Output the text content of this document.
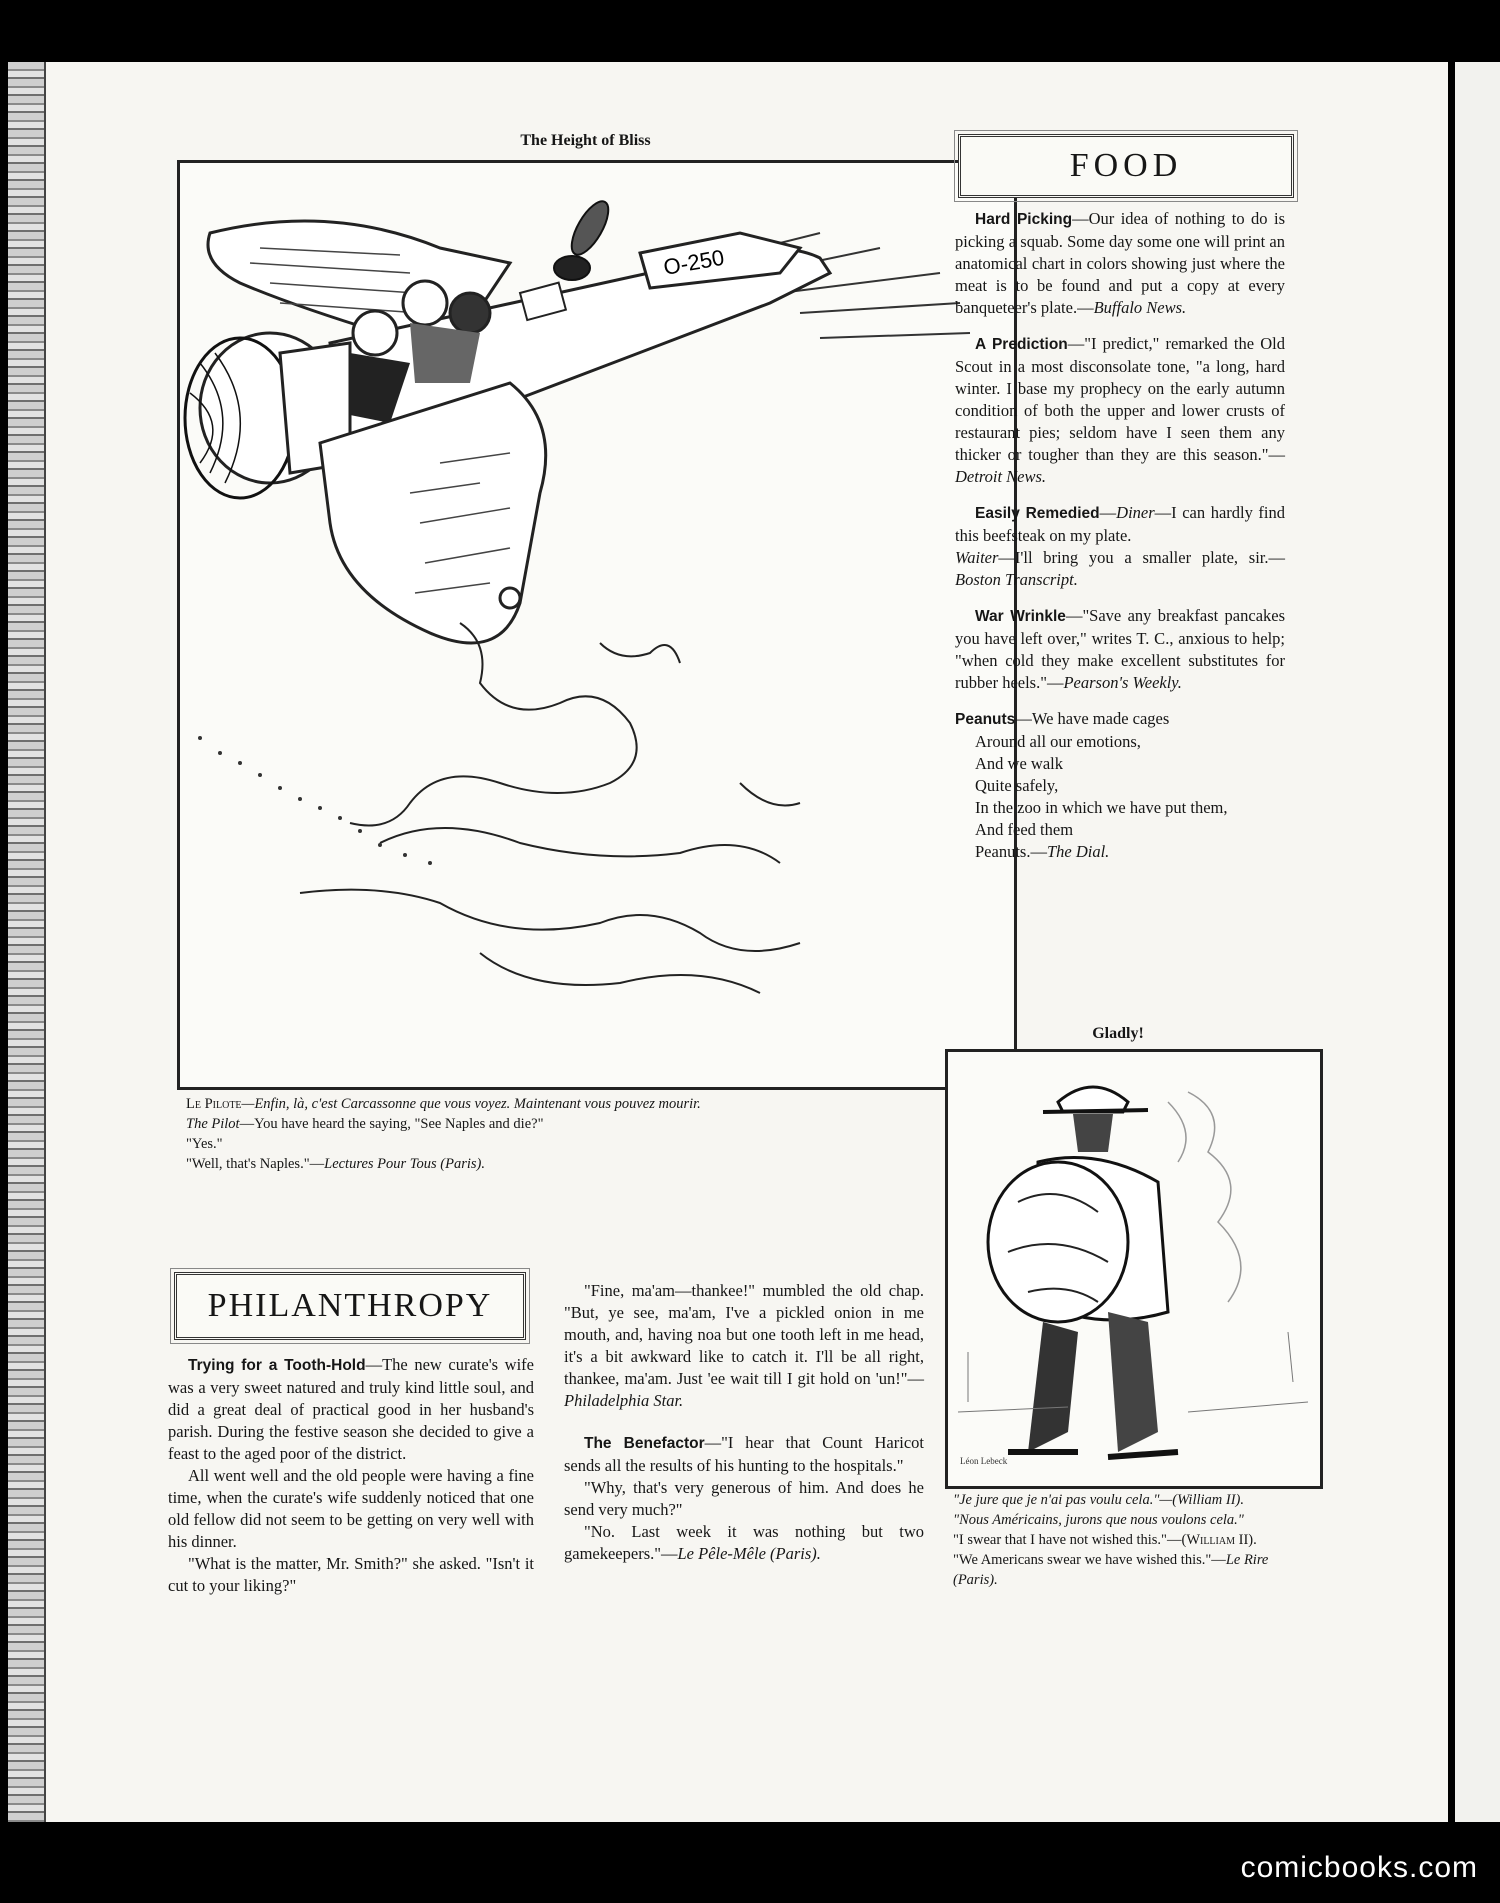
The Height of Bliss
O-250
Le Pilote—Enfin, là, c'est Carcassonne que vous voyez. Maintenant vous pouvez mourir.
The Pilot—You have heard the saying, "See Naples and die?"
"Yes."
"Well, that's Naples."—Lectures Pour Tous (Paris).
FOOD

Hard Picking—Our idea of nothing to do is picking a squab. Some day some one will print an anatomical chart in colors showing just where the meat is to be found and put a copy at every banqueteer's plate.—Buffalo News.

A Prediction—"I predict," remarked the Old Scout in a most disconsolate tone, "a long, hard winter. I base my prophecy on the early autumn condition of both the upper and lower crusts of restaurant pies; seldom have I seen them any thicker or tougher than they are this season."—Detroit News.

Easily Remedied—Diner—I can hardly find this beefsteak on my plate.
Waiter—I'll bring you a smaller plate, sir.—Boston Transcript.

War Wrinkle—"Save any breakfast pancakes you have left over," writes T. C., anxious to help; "when cold they make excellent substitutes for rubber heels."—Pearson's Weekly.

Peanuts—We have made cages
Around all our emotions,
And we walk
Quite safely,
In the zoo in which we have put them,
And feed them
Peanuts.—The Dial.
Gladly!
Léon Lebeck
"Je jure que je n'ai pas voulu cela."—(William II).
"Nous Américains, jurons que nous voulons cela."
"I swear that I have not wished this."—(William II).
"We Americans swear we have wished this."—Le Rire (Paris).
PHILANTHROPY

Trying for a Tooth-Hold—The new curate's wife was a very sweet natured and truly kind little soul, and did a great deal of practical good in her husband's parish. During the festive season she decided to give a feast to the aged poor of the district.

All went well and the old people were having a fine time, when the curate's wife suddenly noticed that one old fellow did not seem to be getting on very well with his dinner.

"What is the matter, Mr. Smith?" she asked. "Isn't it cut to your liking?"

"Fine, ma'am—thankee!" mumbled the old chap. "But, ye see, ma'am, I've a pickled onion in me mouth, and, having noa but one tooth left in me head, it's a bit awkward like to catch it. I'll be all right, thankee, ma'am. Just 'ee wait till I git hold on 'un!"—Philadelphia Star.

The Benefactor—"I hear that Count Haricot sends all the results of his hunting to the hospitals."

"Why, that's very generous of him. And does he send very much?"

"No. Last week it was nothing but two gamekeepers."—Le Pêle-Mêle (Paris).

comicbooks.com
